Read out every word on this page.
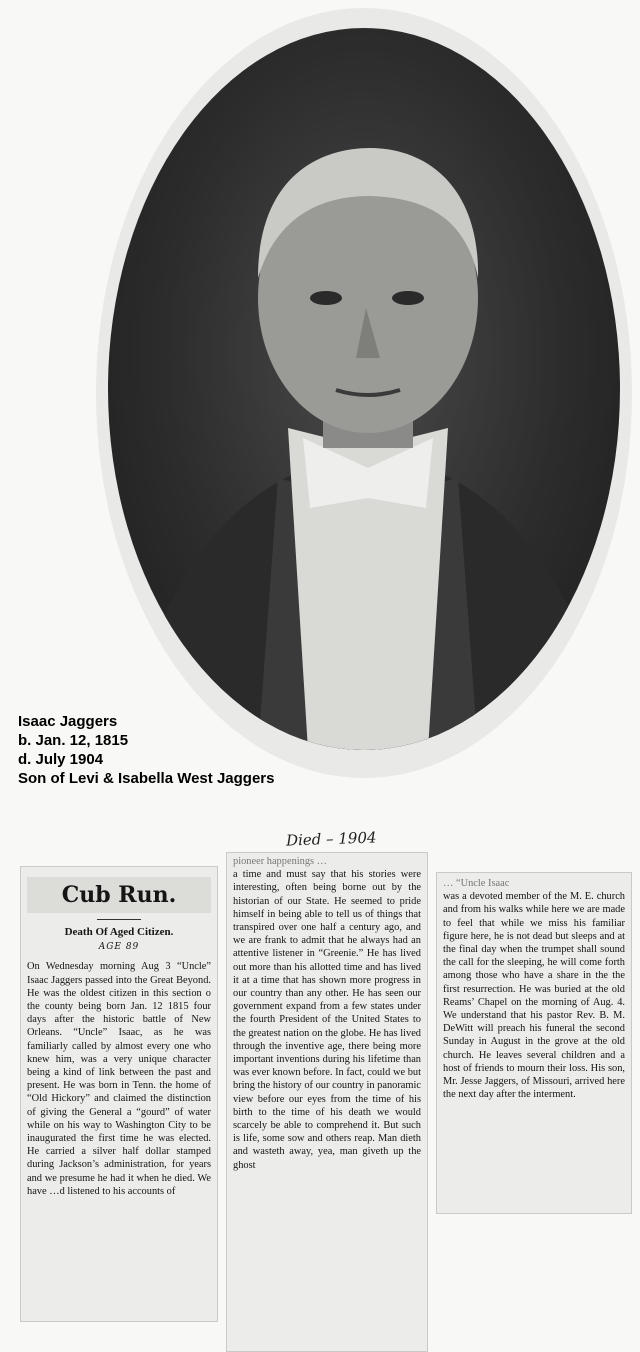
Isaac Jaggers
b. Jan. 12, 1815
d. July 1904
Son of Levi & Isabella West Jaggers
Died – 1904
Cub Run.
Death Of Aged Citizen.
AGE 89
On Wednesday morning Aug 3 “Uncle” Isaac Jaggers passed into the Great Beyond. He was the oldest citizen in this section o the county being born Jan. 12 1815 four days after the historic battle of New Orleans. “Uncle” Isaac, as he was familiarly called by almost every one who knew him, was a very unique character being a kind of link between the past and present. He was born in Tenn. the home of “Old Hickory” and claimed the distinction of giving the General a “gourd” of water while on his way to Washington City to be inaugurated the first time he was elected. He carried a silver half dollar stamped during Jackson’s administration, for years and we presume he had it when he died. We have …d listened to his accounts of
pioneer happenings …
a time and must say that his stories were interesting, often being borne out by the historian of our State. He seemed to pride himself in being able to tell us of things that transpired over one half a century ago, and we are frank to admit that he always had an attentive listener in “Greenie.” He has lived out more than his allotted time and has lived it at a time that has shown more progress in our country than any other. He has seen our government expand from a few states under the fourth President of the United States to the greatest nation on the globe. He has lived through the inventive age, there being more important inventions during his lifetime than was ever known before. In fact, could we but bring the history of our country in panoramic view before our eyes from the time of his birth to the time of his death we would scarcely be able to comprehend it. But such is life, some sow and others reap. Man dieth and wasteth away, yea, man giveth up the ghost
… “Uncle Isaac
was a devoted member of the M. E. church and from his walks while here we are made to feel that while we miss his familiar figure here, he is not dead but sleeps and at the final day when the trumpet shall sound the call for the sleeping, he will come forth among those who have a share in the the first resurrection. He was buried at the old Reams’ Chapel on the morning of Aug. 4. We understand that his pastor Rev. B. M. DeWitt will preach his funeral the second Sunday in August in the grove at the old church. He leaves several children and a host of friends to mourn their loss. His son, Mr. Jesse Jaggers, of Missouri, arrived here the next day after the interment.
